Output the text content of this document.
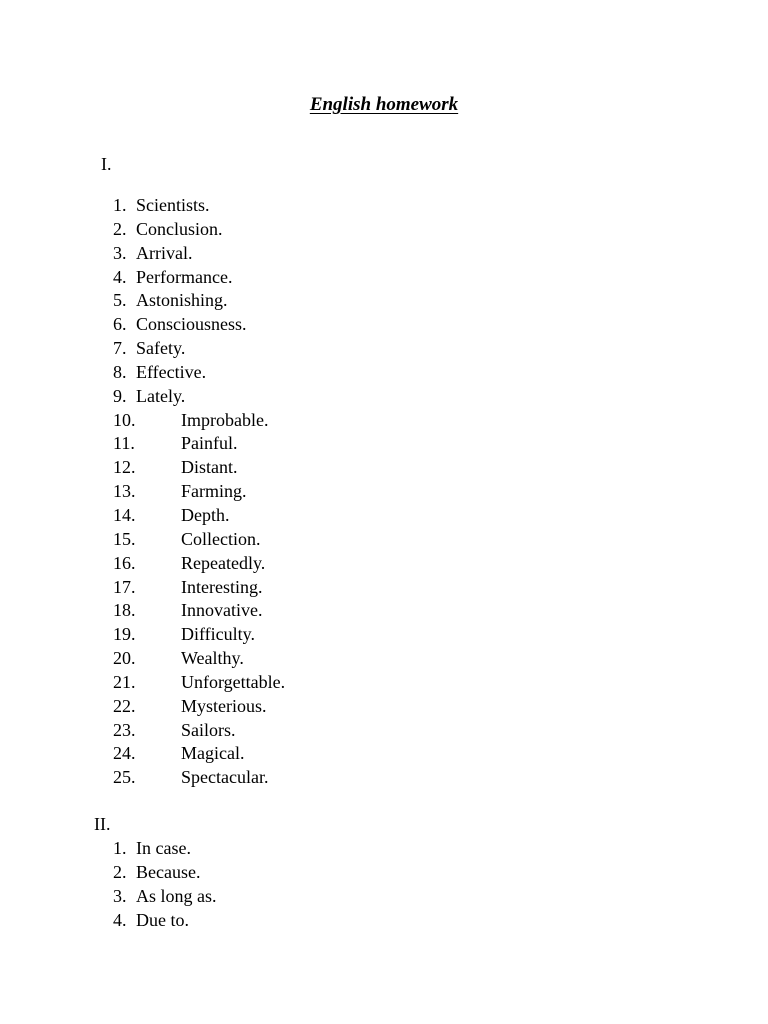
English homework
I.
1. Scientists.
2. Conclusion.
3. Arrival.
4. Performance.
5. Astonishing.
6. Consciousness.
7. Safety.
8. Effective.
9. Lately.
10.	Improbable.
11.	Painful.
12.	Distant.
13.	Farming.
14.	Depth.
15.	Collection.
16.	Repeatedly.
17.	Interesting.
18.	Innovative.
19.	Difficulty.
20.	Wealthy.
21.	Unforgettable.
22.	Mysterious.
23.	Sailors.
24.	Magical.
25.	Spectacular.
II.
1. In case.
2. Because.
3. As long as.
4. Due to.
